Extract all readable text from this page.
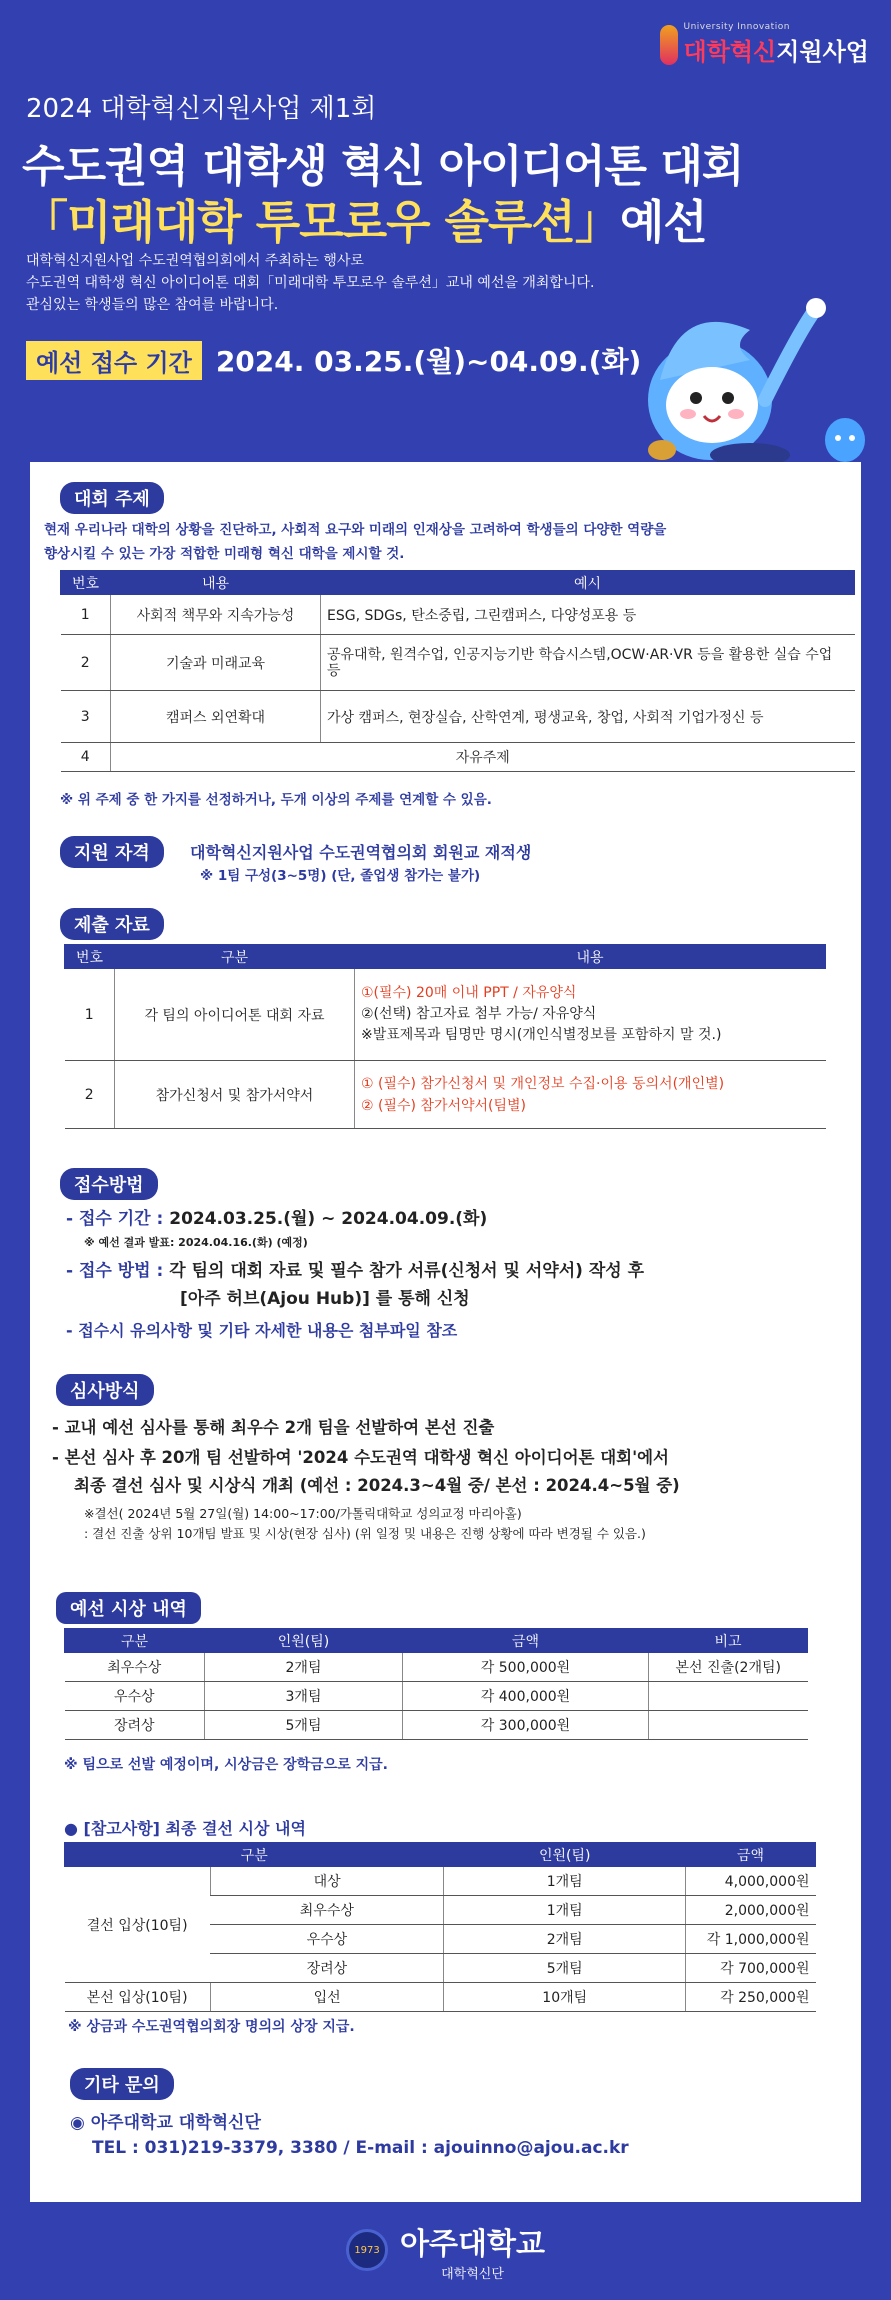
University Innovation
대학혁신지원사업
2024 대학혁신지원사업 제1회
수도권역 대학생 혁신 아이디어톤 대회
「미래대학 투모로우 솔루션」예선
대학혁신지원사업 수도권역협의회에서 주최하는 행사로
수도권역 대학생 혁신 아이디어톤 대회「미래대학 투모로우 솔루션」교내 예선을 개최합니다.
관심있는 학생들의 많은 참여를 바랍니다.
예선 접수 기간 2024. 03.25.(월)~04.09.(화)
대회 주제
현재 우리나라 대학의 상황을 진단하고, 사회적 요구와 미래의 인재상을 고려하여 학생들의 다양한 역량을
향상시킬 수 있는 가장 적합한 미래형 혁신 대학을 제시할 것.
번호	내용	예시
1	사회적 책무와 지속가능성	ESG, SDGs, 탄소중립, 그린캠퍼스, 다양성포용 등
2	기술과 미래교육	공유대학, 원격수업, 인공지능기반 학습시스템,OCW·AR·VR 등을 활용한 실습 수업 등
3	캠퍼스 외연확대	가상 캠퍼스, 현장실습, 산학연계, 평생교육, 창업, 사회적 기업가정신 등
4	자유주제	
※ 위 주제 중 한 가지를 선정하거나, 두개 이상의 주제를 연계할 수 있음.
지원 자격	대학혁신지원사업 수도권역협의회 회원교 재적생
※ 1팀 구성(3~5명) (단, 졸업생 참가는 불가)
제출 자료
번호	구분	내용
1	각 팀의 아이디어톤 대회 자료	①(필수) 20매 이내 PPT / 자유양식
②(선택) 참고자료 첨부 가능/ 자유양식
※발표제목과 팀명만 명시(개인식별정보를 포함하지 말 것.)

2	참가신청서 및 참가서약서	① (필수) 참가신청서 및 개인정보 수집·이용 동의서(개인별)
② (필수) 참가서약서(팀별)
접수방법
- 접수 기간 : 2024.03.25.(월) ~ 2024.04.09.(화)
※ 예선 결과 발표: 2024.04.16.(화) (예정)
- 접수 방법 : 각 팀의 대회 자료 및 필수 참가 서류(신청서 및 서약서) 작성 후
[아주 허브(Ajou Hub)] 를 통해 신청
- 접수시 유의사항 및 기타 자세한 내용은 첨부파일 참조
심사방식
- 교내 예선 심사를 통해 최우수 2개 팀을 선발하여 본선 진출
- 본선 심사 후 20개 팀 선발하여 '2024 수도권역 대학생 혁신 아이디어톤 대회'에서
최종 결선 심사 및 시상식 개최 (예선 : 2024.3~4월 중/ 본선 : 2024.4~5월 중)
※결선( 2024년 5월 27일(월) 14:00~17:00/가톨릭대학교 성의교정 마리아홀)
: 결선 진출 상위 10개팀 발표 및 시상(현장 심사) (위 일정 및 내용은 진행 상황에 따라 변경될 수 있음.)
예선 시상 내역
구분	인원(팀)	금액	비고
최우수상	2개팀	각 500,000원	본선 진출(2개팀)
우수상	3개팀	각 400,000원	
장려상	5개팀	각 300,000원	
※ 팀으로 선발 예정이며, 시상금은 장학금으로 지급.
● [참고사항] 최종 결선 시상 내역
구분		인원(팀)	금액
결선 입상(10팀)	대상	1개팀	4,000,000원
	최우수상	1개팀	2,000,000원
	우수상	2개팀	각 1,000,000원
	장려상	5개팀	각 700,000원
본선 입상(10팀)	입선	10개팀	각 250,000원
※ 상금과 수도권역협의회장 명의의 상장 지급.
기타 문의
◉ 아주대학교 대학혁신단
TEL : 031)219-3379, 3380 / E-mail : ajouinno@ajou.ac.kr
1973 아주대학교
대학혁신단
